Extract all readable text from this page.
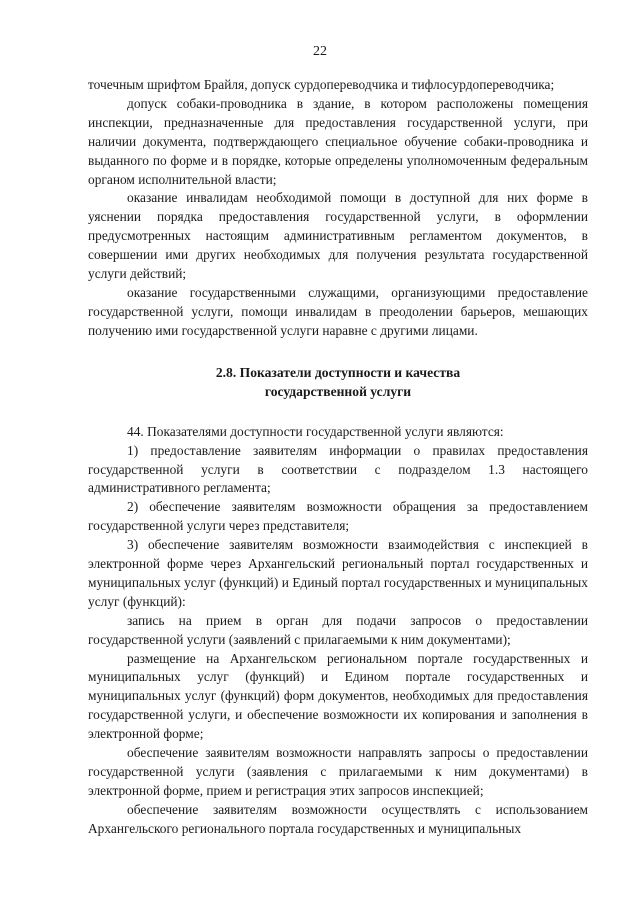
22

точечным шрифтом Брайля, допуск сурдопереводчика и тифлосурдопереводчика;

допуск собаки-проводника в здание, в котором расположены помещения инспекции, предназначенные для предоставления государственной услуги, при наличии документа, подтверждающего специальное обучение собаки-проводника и выданного по форме и в порядке, которые определены уполномоченным федеральным органом исполнительной власти;

оказание инвалидам необходимой помощи в доступной для них форме в уяснении порядка предоставления государственной услуги, в оформлении предусмотренных настоящим административным регламентом документов, в совершении ими других необходимых для получения результата государственной услуги действий;

оказание государственными служащими, организующими предоставление государственной услуги, помощи инвалидам в преодолении барьеров, мешающих получению ими государственной услуги наравне с другими лицами.

2.8. Показатели доступности и качества
государственной услуги

44. Показателями доступности государственной услуги являются:

1) предоставление заявителям информации о правилах предоставления государственной услуги в соответствии с подразделом 1.3 настоящего административного регламента;

2) обеспечение заявителям возможности обращения за предоставлением государственной услуги через представителя;

3) обеспечение заявителям возможности взаимодействия с инспекцией в электронной форме через Архангельский региональный портал государственных и муниципальных услуг (функций) и Единый портал государственных и муниципальных услуг (функций):

запись на прием в орган для подачи запросов о предоставлении государственной услуги (заявлений с прилагаемыми к ним документами);

размещение на Архангельском региональном портале государственных и муниципальных услуг (функций) и Едином портале государственных и муниципальных услуг (функций) форм документов, необходимых для предоставления государственной услуги, и обеспечение возможности их копирования и заполнения в электронной форме;

обеспечение заявителям возможности направлять запросы о предоставлении государственной услуги (заявления с прилагаемыми к ним документами) в электронной форме, прием и регистрация этих запросов инспекцией;

обеспечение заявителям возможности осуществлять с использованием Архангельского регионального портала государственных и муниципальных
